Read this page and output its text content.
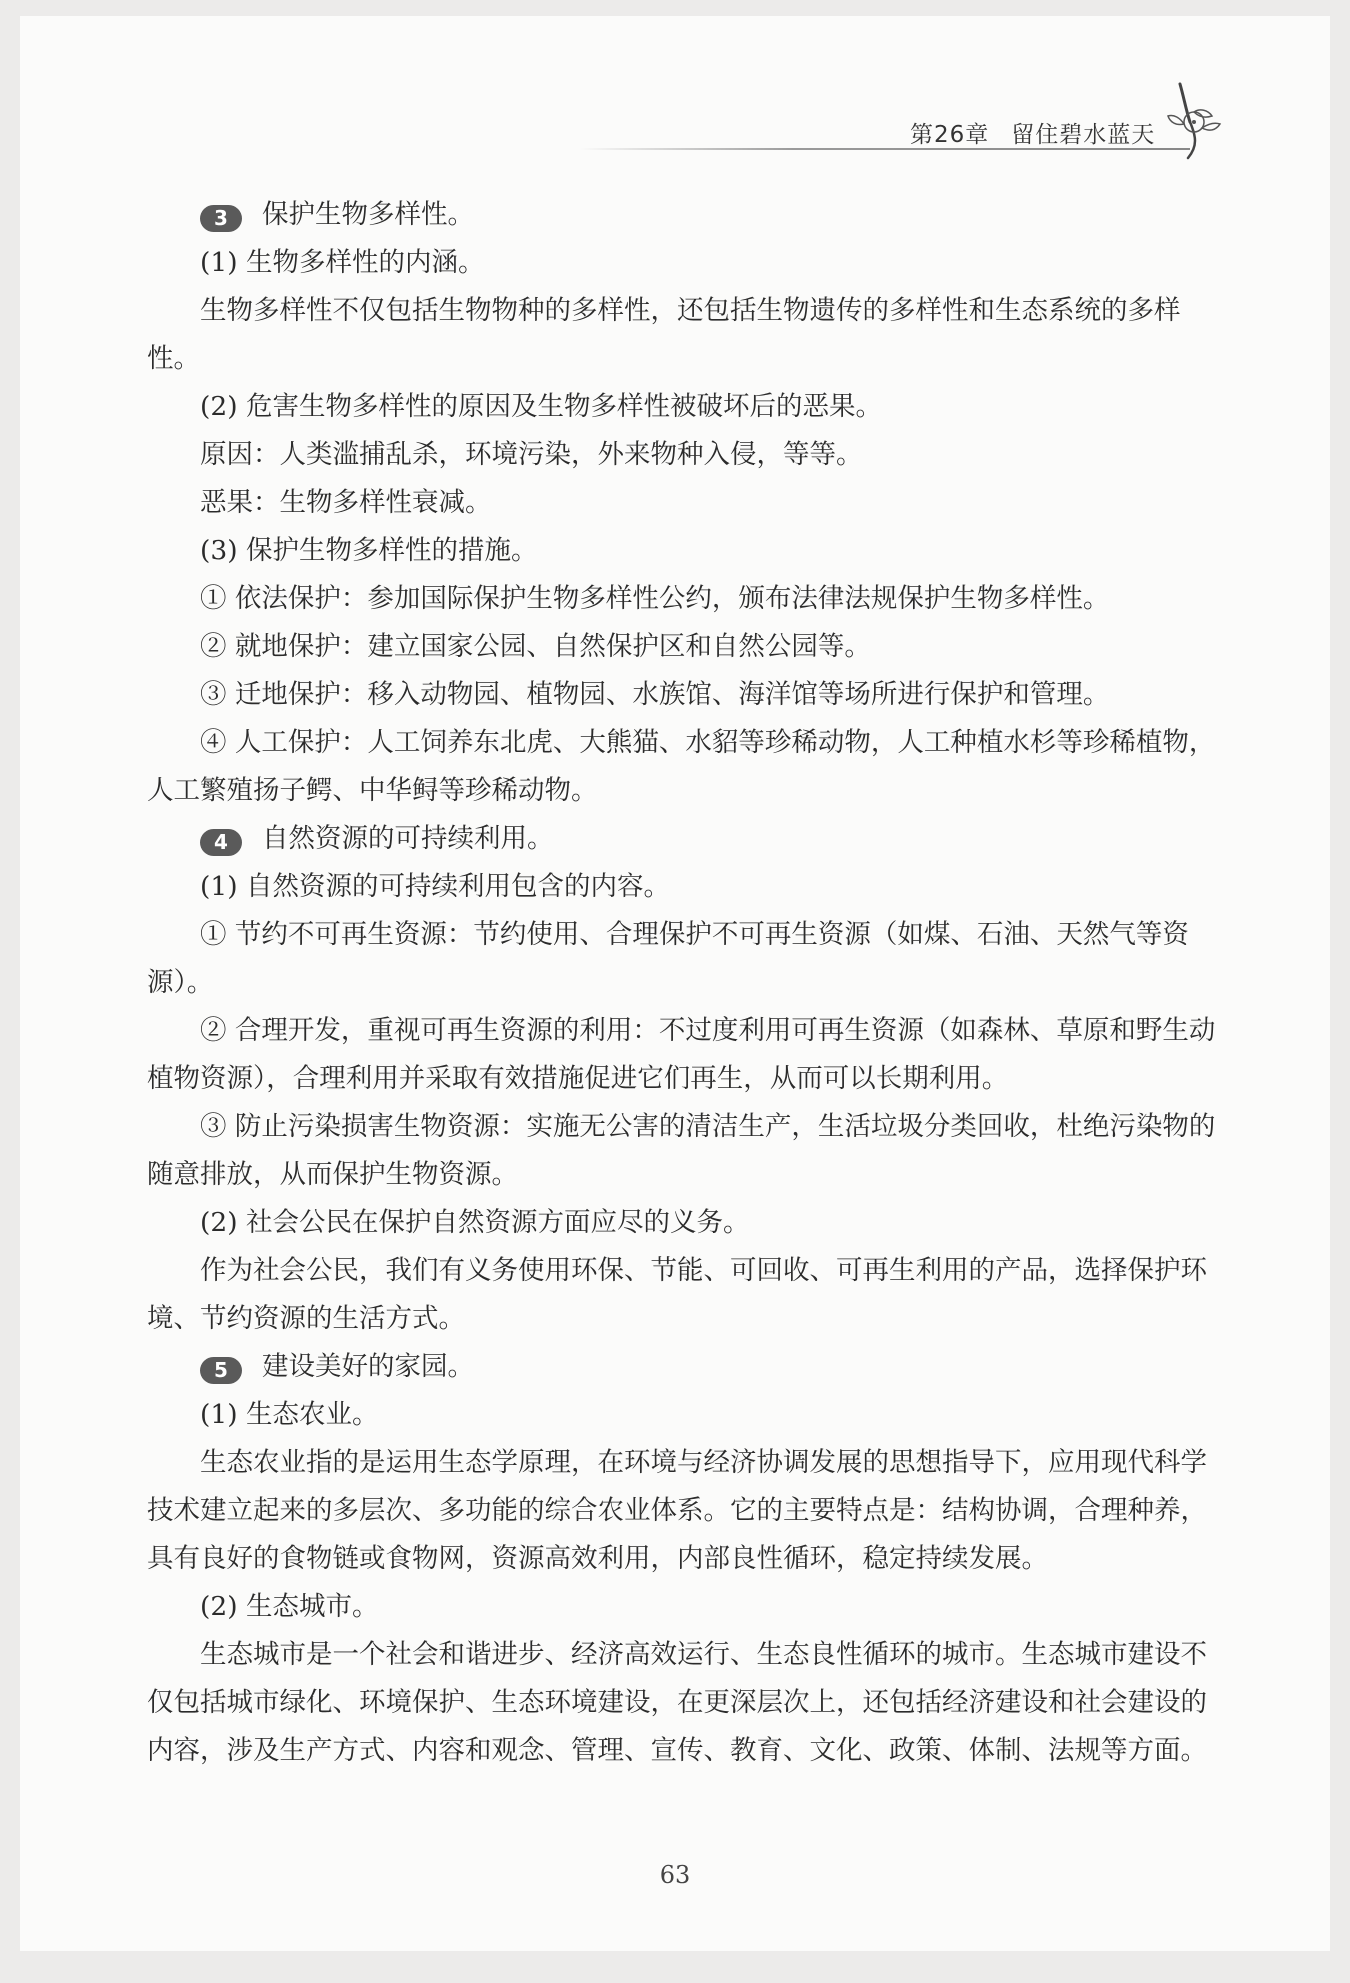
第26章 留住碧水蓝天

3 保护生物多样性。

(1) 生物多样性的内涵。

生物多样性不仅包括生物物种的多样性，还包括生物遗传的多样性和生态系统的多样性。

(2) 危害生物多样性的原因及生物多样性被破坏后的恶果。

原因：人类滥捕乱杀，环境污染，外来物种入侵，等等。

恶果：生物多样性衰减。

(3) 保护生物多样性的措施。

① 依法保护：参加国际保护生物多样性公约，颁布法律法规保护生物多样性。

② 就地保护：建立国家公园、自然保护区和自然公园等。

③ 迁地保护：移入动物园、植物园、水族馆、海洋馆等场所进行保护和管理。

④ 人工保护：人工饲养东北虎、大熊猫、水貂等珍稀动物，人工种植水杉等珍稀植物，人工繁殖扬子鳄、中华鲟等珍稀动物。

4 自然资源的可持续利用。

(1) 自然资源的可持续利用包含的内容。

① 节约不可再生资源：节约使用、合理保护不可再生资源（如煤、石油、天然气等资源）。

② 合理开发，重视可再生资源的利用：不过度利用可再生资源（如森林、草原和野生动植物资源），合理利用并采取有效措施促进它们再生，从而可以长期利用。

③ 防止污染损害生物资源：实施无公害的清洁生产，生活垃圾分类回收，杜绝污染物的随意排放，从而保护生物资源。

(2) 社会公民在保护自然资源方面应尽的义务。

作为社会公民，我们有义务使用环保、节能、可回收、可再生利用的产品，选择保护环境、节约资源的生活方式。

5 建设美好的家园。

(1) 生态农业。

生态农业指的是运用生态学原理，在环境与经济协调发展的思想指导下，应用现代科学技术建立起来的多层次、多功能的综合农业体系。它的主要特点是：结构协调，合理种养，具有良好的食物链或食物网，资源高效利用，内部良性循环，稳定持续发展。

(2) 生态城市。

生态城市是一个社会和谐进步、经济高效运行、生态良性循环的城市。生态城市建设不仅包括城市绿化、环境保护、生态环境建设，在更深层次上，还包括经济建设和社会建设的内容，涉及生产方式、内容和观念、管理、宣传、教育、文化、政策、体制、法规等方面。

63
